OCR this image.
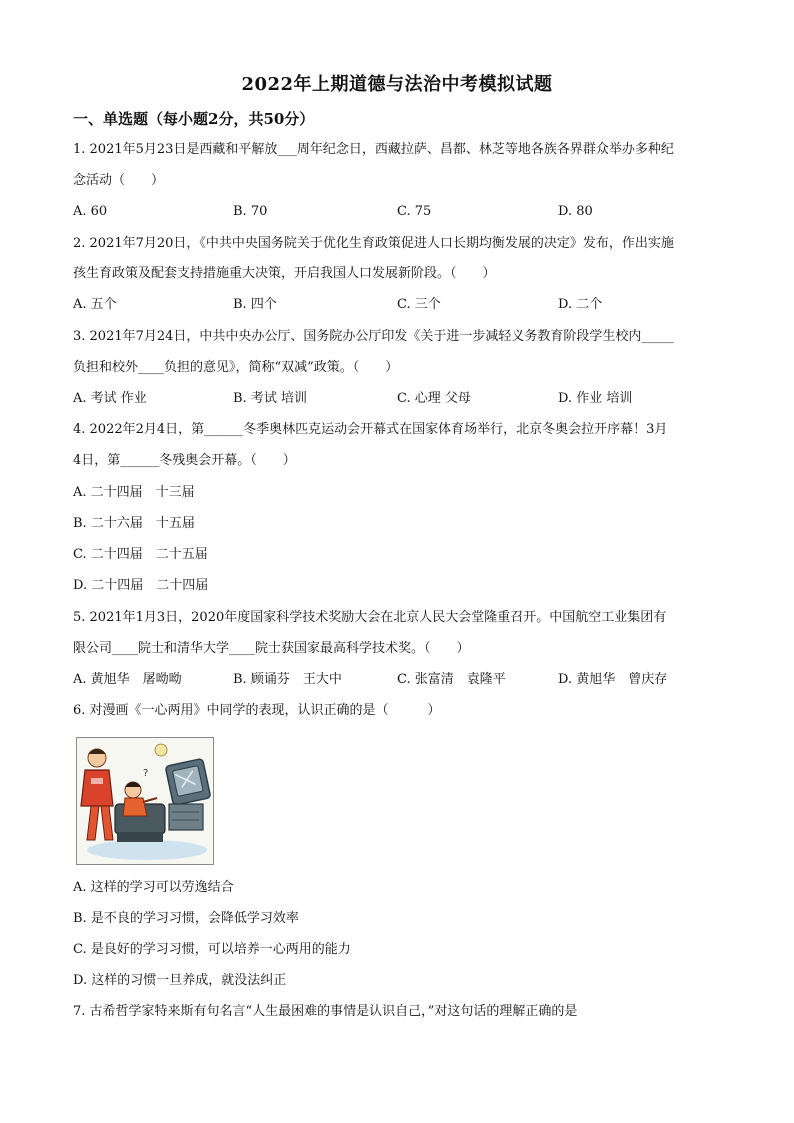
2022年上期道德与法治中考模拟试题
一、单选题（每小题2分，共50分）
1. 2021年5月23日是西藏和平解放___周年纪念日，西藏拉萨、昌都、林芝等地各族各界群众举办多种纪
念活动（　　）
A. 60	B. 70	C. 75	D. 80
2. 2021年7月20日，《中共中央国务院关于优化生育政策促进人口长期均衡发展的决定》发布，作出实施
孩生育政策及配套支持措施重大决策，开启我国人口发展新阶段。（　　）
A. 五个	B. 四个	C. 三个	D. 二个
3. 2021年7月24日，中共中央办公厅、国务院办公厅印发《关于进一步减轻义务教育阶段学生校内_____
负担和校外____负担的意见》，简称“双减”政策。（　　）
A. 考试 作业	B. 考试 培训	C. 心理 父母	D. 作业 培训
4. 2022年2月4日，第______冬季奥林匹克运动会开幕式在国家体育场举行，北京冬奥会拉开序幕！3月
4日，第______冬残奥会开幕。（　　）
A. 二十四届　十三届
B. 二十六届　十五届
C. 二十四届　二十五届
D. 二十四届　二十四届
5. 2021年1月3日，2020年度国家科学技术奖励大会在北京人民大会堂隆重召开。中国航空工业集团有
限公司____院士和清华大学____院士获国家最高科学技术奖。（　　）
A. 黄旭华　屠呦呦	B. 顾诵芬　王大中	C. 张富清　袁隆平	D. 黄旭华　曾庆存
6. 对漫画《一心两用》中同学的表现，认识正确的是（　　　）
?
A. 这样的学习可以劳逸结合
B. 是不良的学习习惯，会降低学习效率
C. 是良好的学习习惯，可以培养一心两用的能力
D. 这样的习惯一旦养成，就没法纠正
7. 古希哲学家特来斯有句名言“人生最困难的事情是认识自己，”对这句话的理解正确的是
